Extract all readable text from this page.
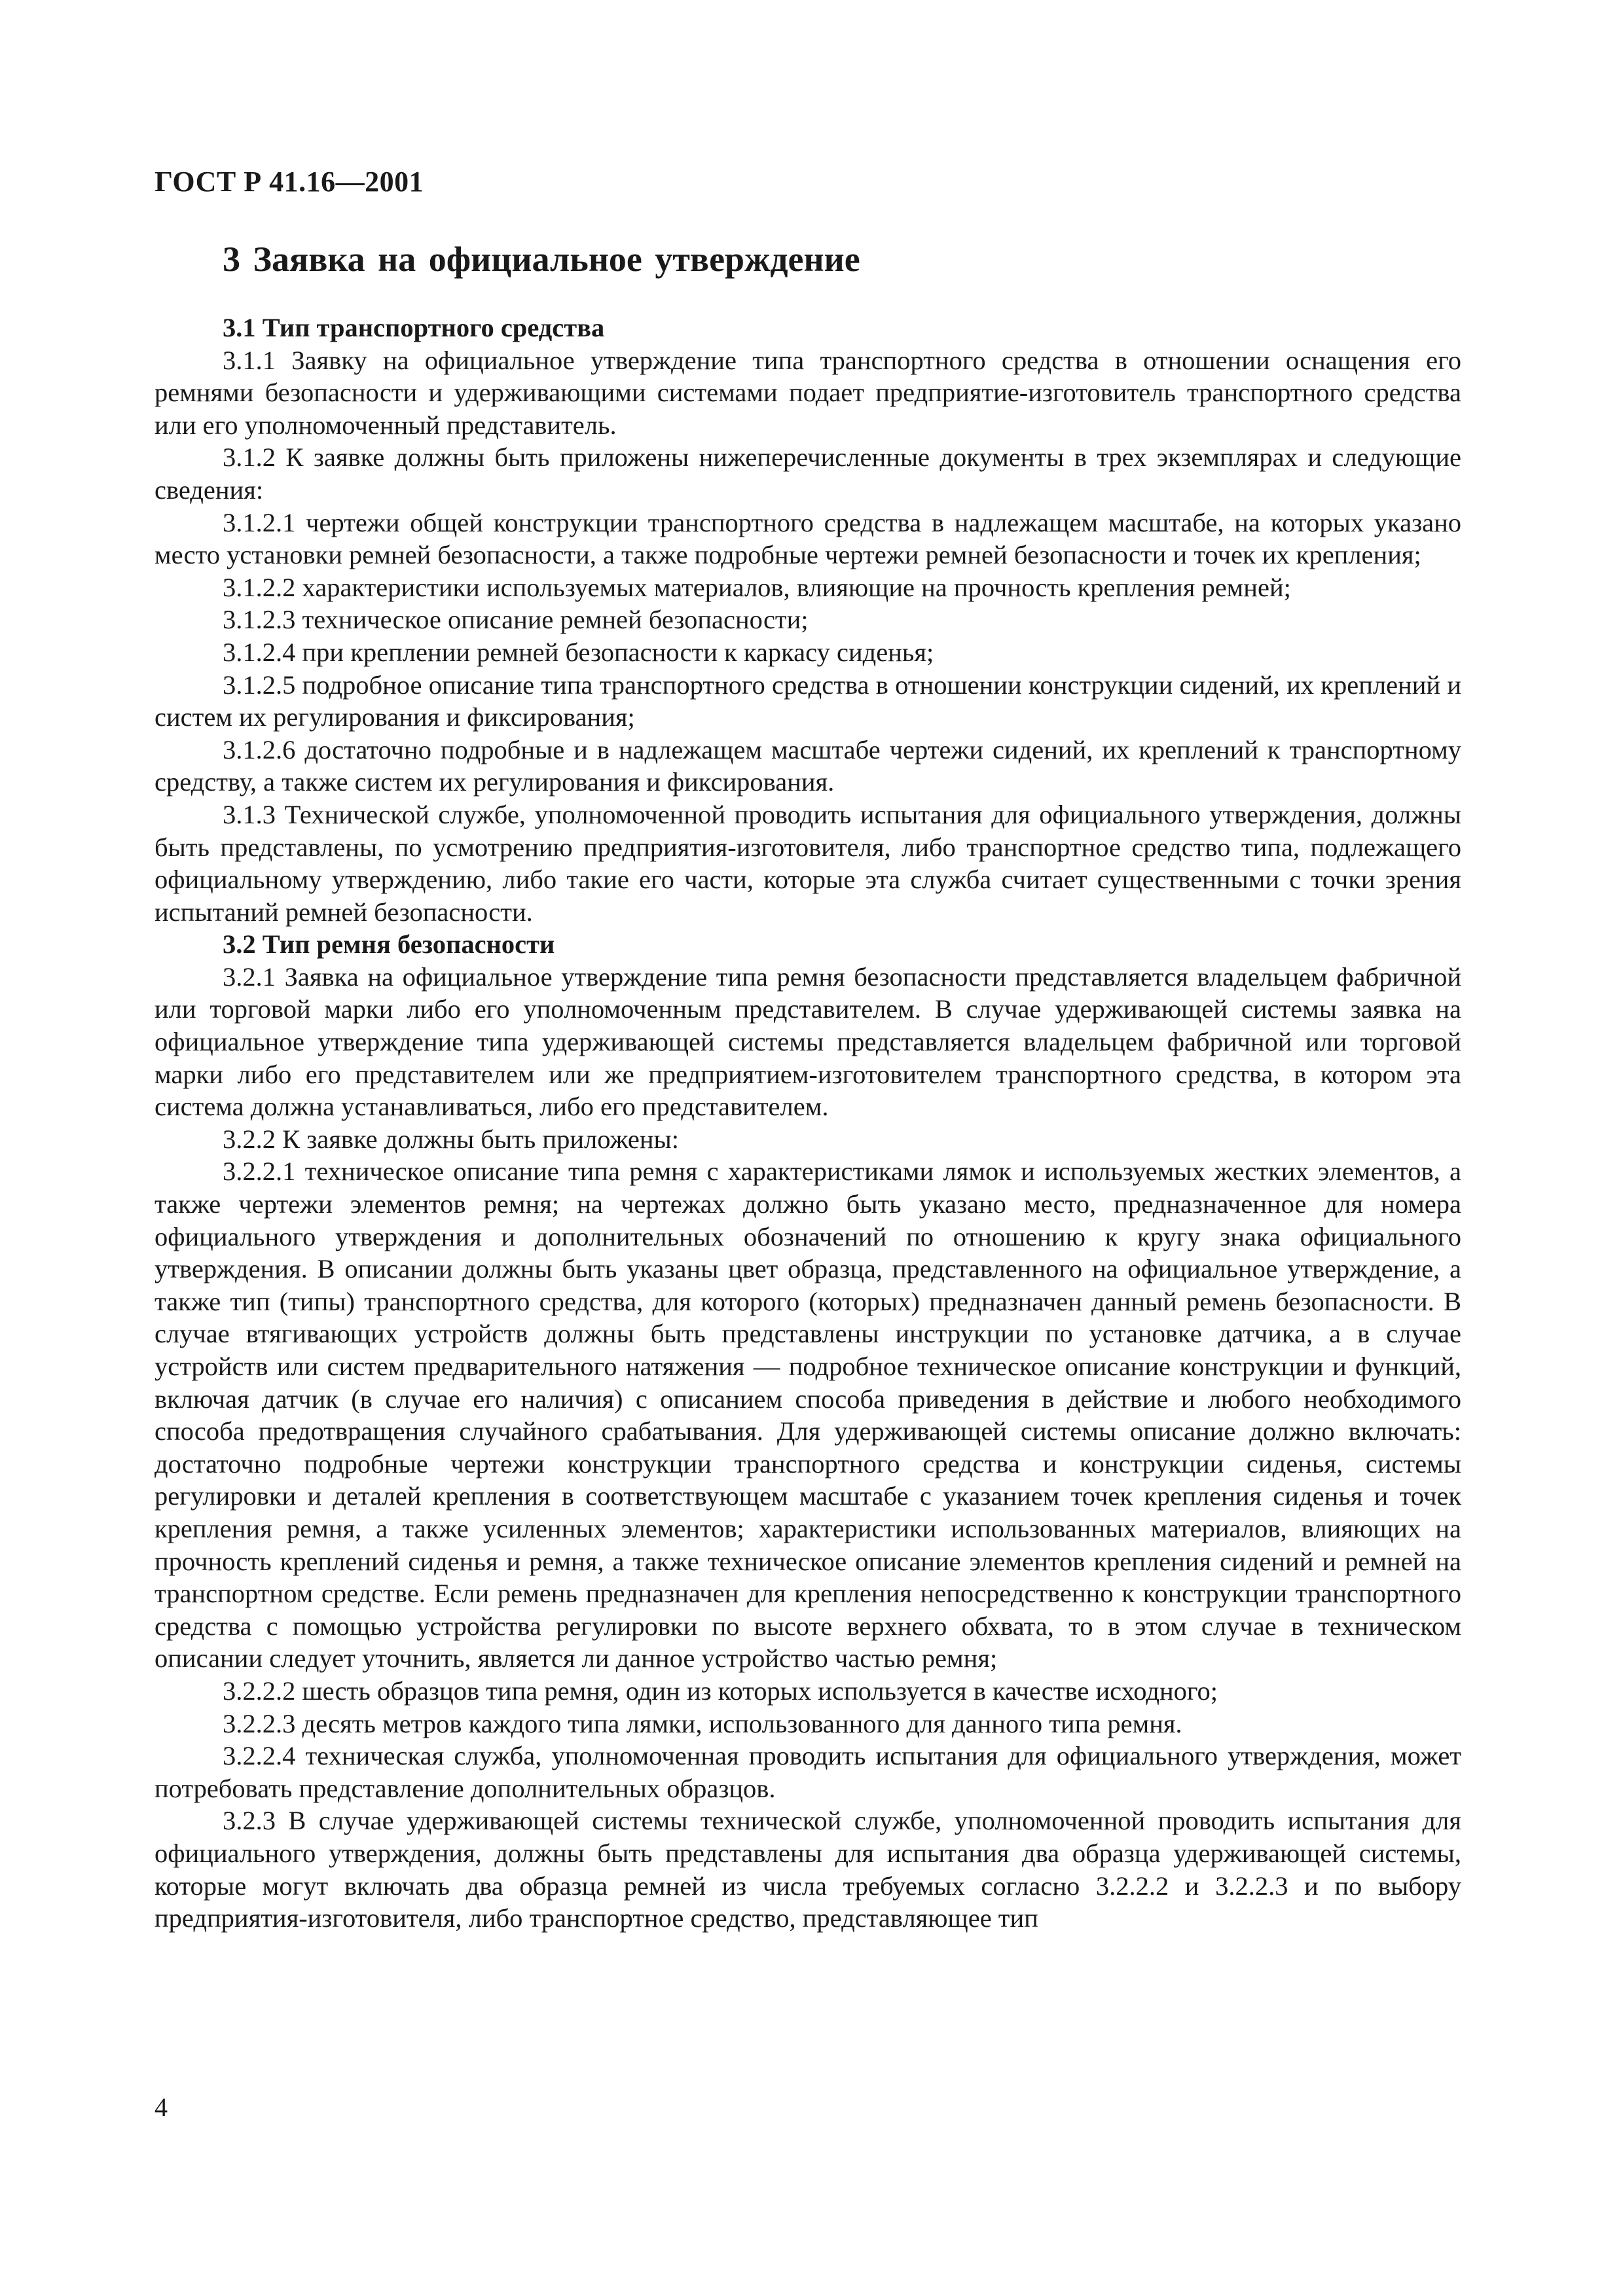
ГОСТ Р 41.16—2001
3 Заявка на официальное утверждение

3.1 Тип транспортного средства

3.1.1 Заявку на официальное утверждение типа транспортного средства в отношении оснащения его ремнями безопасности и удерживающими системами подает предприятие-изготовитель транспортного средства или его уполномоченный представитель.

3.1.2 К заявке должны быть приложены нижеперечисленные документы в трех экземплярах и следующие сведения:

3.1.2.1 чертежи общей конструкции транспортного средства в надлежащем масштабе, на которых указано место установки ремней безопасности, а также подробные чертежи ремней безопасности и точек их крепления;

3.1.2.2 характеристики используемых материалов, влияющие на прочность крепления ремней;

3.1.2.3 техническое описание ремней безопасности;

3.1.2.4 при креплении ремней безопасности к каркасу сиденья;

3.1.2.5 подробное описание типа транспортного средства в отношении конструкции сидений, их креплений и систем их регулирования и фиксирования;

3.1.2.6 достаточно подробные и в надлежащем масштабе чертежи сидений, их креплений к транспортному средству, а также систем их регулирования и фиксирования.

3.1.3 Технической службе, уполномоченной проводить испытания для официального утверждения, должны быть представлены, по усмотрению предприятия-изготовителя, либо транспортное средство типа, подлежащего официальному утверждению, либо такие его части, которые эта служба считает существенными с точки зрения испытаний ремней безопасности.

3.2 Тип ремня безопасности

3.2.1 Заявка на официальное утверждение типа ремня безопасности представляется владельцем фабричной или торговой марки либо его уполномоченным представителем. В случае удерживающей системы заявка на официальное утверждение типа удерживающей системы представляется владельцем фабричной или торговой марки либо его представителем или же предприятием-изготовителем транспортного средства, в котором эта система должна устанавливаться, либо его представителем.

3.2.2 К заявке должны быть приложены:

3.2.2.1 техническое описание типа ремня с характеристиками лямок и используемых жестких элементов, а также чертежи элементов ремня; на чертежах должно быть указано место, предназначенное для номера официального утверждения и дополнительных обозначений по отношению к кругу знака официального утверждения. В описании должны быть указаны цвет образца, представленного на официальное утверждение, а также тип (типы) транспортного средства, для которого (которых) предназначен данный ремень безопасности. В случае втягивающих устройств должны быть представлены инструкции по установке датчика, а в случае устройств или систем предварительного натяжения — подробное техническое описание конструкции и функций, включая датчик (в случае его наличия) с описанием способа приведения в действие и любого необходимого способа предотвращения случайного срабатывания. Для удерживающей системы описание должно включать: достаточно подробные чертежи конструкции транспортного средства и конструкции сиденья, системы регулировки и деталей крепления в соответствующем масштабе с указанием точек крепления сиденья и точек крепления ремня, а также усиленных элементов; характеристики использованных материалов, влияющих на прочность креплений сиденья и ремня, а также техническое описание элементов крепления сидений и ремней на транспортном средстве. Если ремень предназначен для крепления непосредственно к конструкции транспортного средства с помощью устройства регулировки по высоте верхнего обхвата, то в этом случае в техническом описании следует уточнить, является ли данное устройство частью ремня;

3.2.2.2 шесть образцов типа ремня, один из которых используется в качестве исходного;

3.2.2.3 десять метров каждого типа лямки, использованного для данного типа ремня.

3.2.2.4 техническая служба, уполномоченная проводить испытания для официального утверждения, может потребовать представление дополнительных образцов.

3.2.3 В случае удерживающей системы технической службе, уполномоченной проводить испытания для официального утверждения, должны быть представлены для испытания два образца удерживающей системы, которые могут включать два образца ремней из числа требуемых согласно 3.2.2.2 и 3.2.2.3 и по выбору предприятия-изготовителя, либо транспортное средство, представляющее тип

4
